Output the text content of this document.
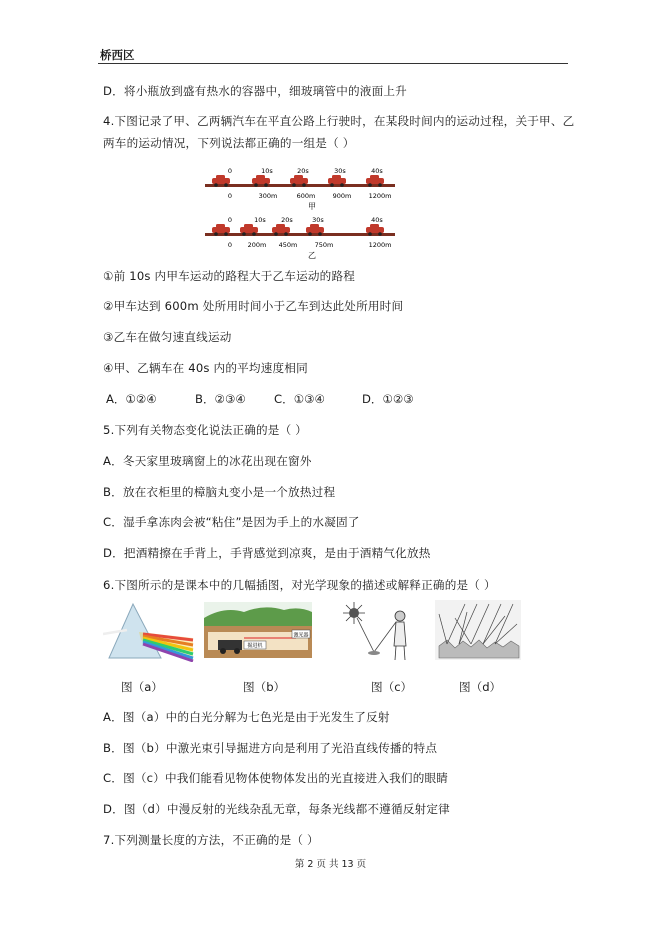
桥西区
D．将小瓶放到盛有热水的容器中，细玻璃管中的液面上升
4.下图记录了甲、乙两辆汽车在平直公路上行驶时，在某段时间内的运动过程，关于甲、乙
两车的运动情况，下列说法都正确的一组是（ ）
0	10s	20s	30s	40s
0	300m	600m	900m	1200m
甲
0	10s 20s	30s	40s
0 200m 450m	750m	1200m
乙
①前 10s 内甲车运动的路程大于乙车运动的路程
②甲车达到 600m 处所用时间小于乙车到达此处所用时间
③乙车在做匀速直线运动
④甲、乙辆车在 40s 内的平均速度相同
A．①②④	B．②③④ C．①③④	D．①②③
5.下列有关物态变化说法正确的是（ ）
A．冬天家里玻璃窗上的冰花出现在窗外
B．放在衣柜里的樟脑丸变小是一个放热过程
C．湿手拿冻肉会被“粘住”是因为手上的水凝固了
D．把酒精擦在手背上，手背感觉到凉爽，是由于酒精气化放热
6.下图所示的是课本中的几幅插图，对光学现象的描述或解释正确的是（ ）
激光器
掘进机
图（a）	图（b）	图（c）	图（d）
A．图（a）中的白光分解为七色光是由于光发生了反射
B．图（b）中激光束引导掘进方向是利用了光沿直线传播的特点
C．图（c）中我们能看见物体使物体发出的光直接进入我们的眼睛
D．图（d）中漫反射的光线杂乱无章，每条光线都不遵循反射定律
7.下列测量长度的方法，不正确的是（ ）
第 2 页 共 13 页
